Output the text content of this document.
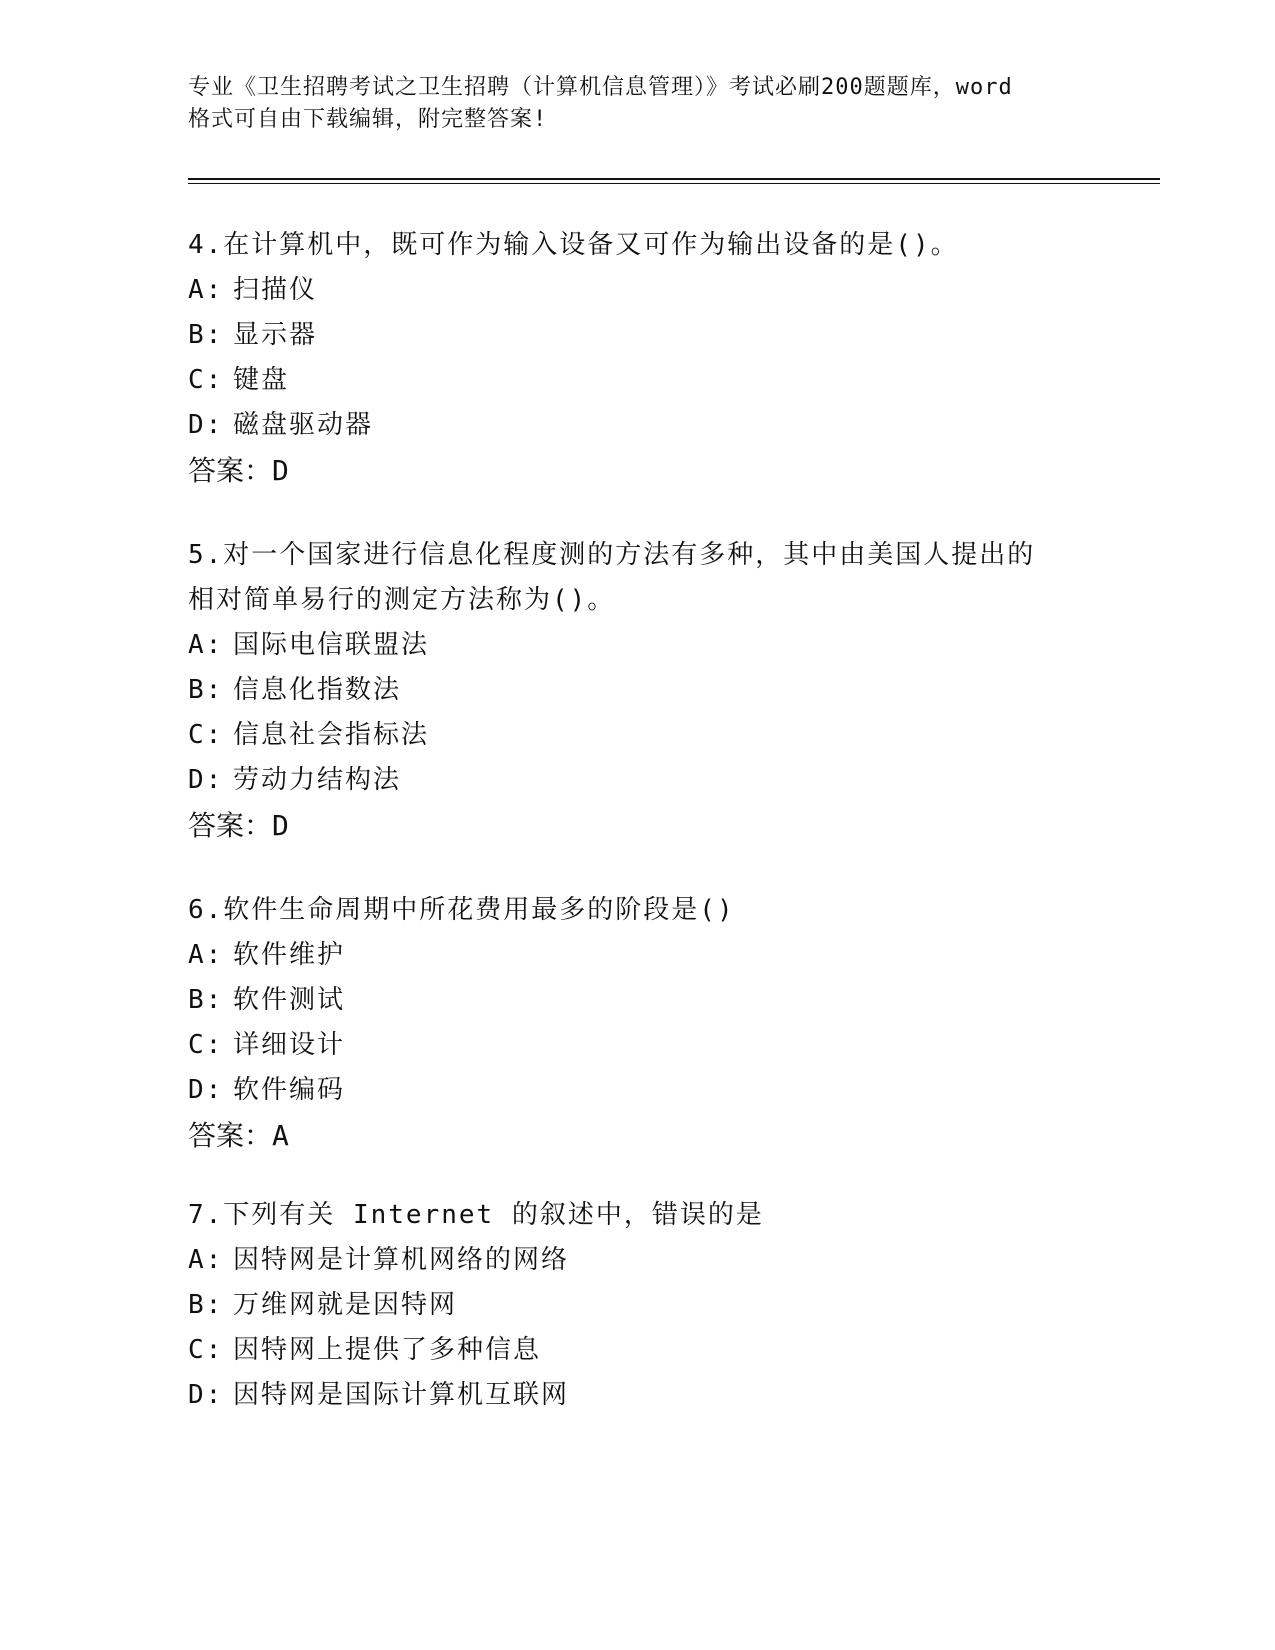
专业《卫生招聘考试之卫生招聘（计算机信息管理）》考试必刷200题题库，word
格式可自由下载编辑，附完整答案!

4.在计算机中，既可作为输入设备又可作为输出设备的是()。

A: 扫描仪

B: 显示器

C: 键盘

D: 磁盘驱动器

答案：D

5.对一个国家进行信息化程度测的方法有多种，其中由美国人提出的

相对简单易行的测定方法称为()。

A: 国际电信联盟法

B: 信息化指数法

C: 信息社会指标法

D: 劳动力结构法

答案：D

6.软件生命周期中所花费用最多的阶段是()

A: 软件维护

B: 软件测试

C: 详细设计

D: 软件编码

答案：A

7.下列有关 Internet 的叙述中，错误的是

A: 因特网是计算机网络的网络

B: 万维网就是因特网

C: 因特网上提供了多种信息

D: 因特网是国际计算机互联网
